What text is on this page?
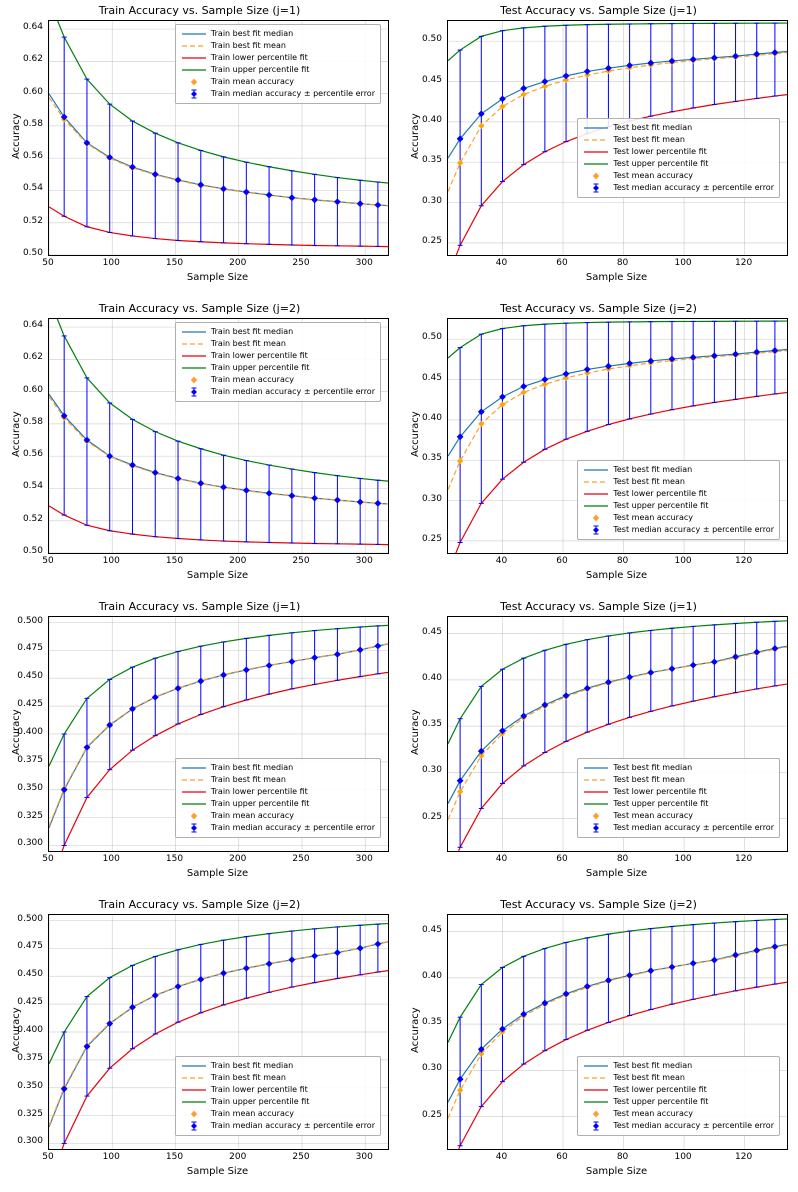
Train Accuracy vs. Sample Size (j=1)
0.50
0.52
0.54
0.56
0.58
0.60
0.62
0.64
50	100	150	200	250	300
Sample Size
Accuracy
Train best fit median
Train best fit mean
Train lower percentile fit
Train upper percentile fit
Train mean accuracy
Train median accuracy ± percentile error
Test Accuracy vs. Sample Size (j=1)
0.25
0.30
0.35
0.40
0.45
0.50
40	60	80	100	120
Sample Size
Accuracy	Test best fit median
Test best fit mean
Test lower percentile fit
Test upper percentile fit
Test mean accuracy
Test median accuracy ± percentile error
Train Accuracy vs. Sample Size (j=2)
0.50
0.52
0.54
0.56
0.58
0.60
0.62
0.64
50	100	150	200	250	300
Sample Size
Accuracy
Train best fit median
Train best fit mean
Train lower percentile fit
Train upper percentile fit
Train mean accuracy
Train median accuracy ± percentile error
Test Accuracy vs. Sample Size (j=2)
0.25
0.30
0.35
0.40
0.45
0.50
40	60	80	100	120
Sample Size
Accuracy
Test best fit median
Test best fit mean
Test lower percentile fit
Test upper percentile fit
Test mean accuracy
Test median accuracy ± percentile error
Train Accuracy vs. Sample Size (j=1)
0.300
0.325
0.350
0.375
0.400
0.425
0.450
0.475
0.500
50	100	150	200	250	300
Sample Size
Accuracy
Train best fit median
Train best fit mean
Train lower percentile fit
Train upper percentile fit
Train mean accuracy
Train median accuracy ± percentile error
Test Accuracy vs. Sample Size (j=1)
0.25
0.30
0.35
0.40
0.45
40	60	80	100	120
Sample Size
Accuracy
Test best fit median
Test best fit mean
Test lower percentile fit
Test upper percentile fit
Test mean accuracy
Test median accuracy ± percentile error
Train Accuracy vs. Sample Size (j=2)
0.300
0.325
0.350
0.375
0.400
0.425
0.450
0.475
0.500
50	100	150	200	250	300
Sample Size
Accuracy
Train best fit median
Train best fit mean
Train lower percentile fit
Train upper percentile fit
Train mean accuracy
Train median accuracy ± percentile error
Test Accuracy vs. Sample Size (j=2)
0.25
0.30
0.35
0.40
0.45
40	60	80	100	120
Sample Size
Accuracy
Test best fit median
Test best fit mean
Test lower percentile fit
Test upper percentile fit
Test mean accuracy
Test median accuracy ± percentile error
